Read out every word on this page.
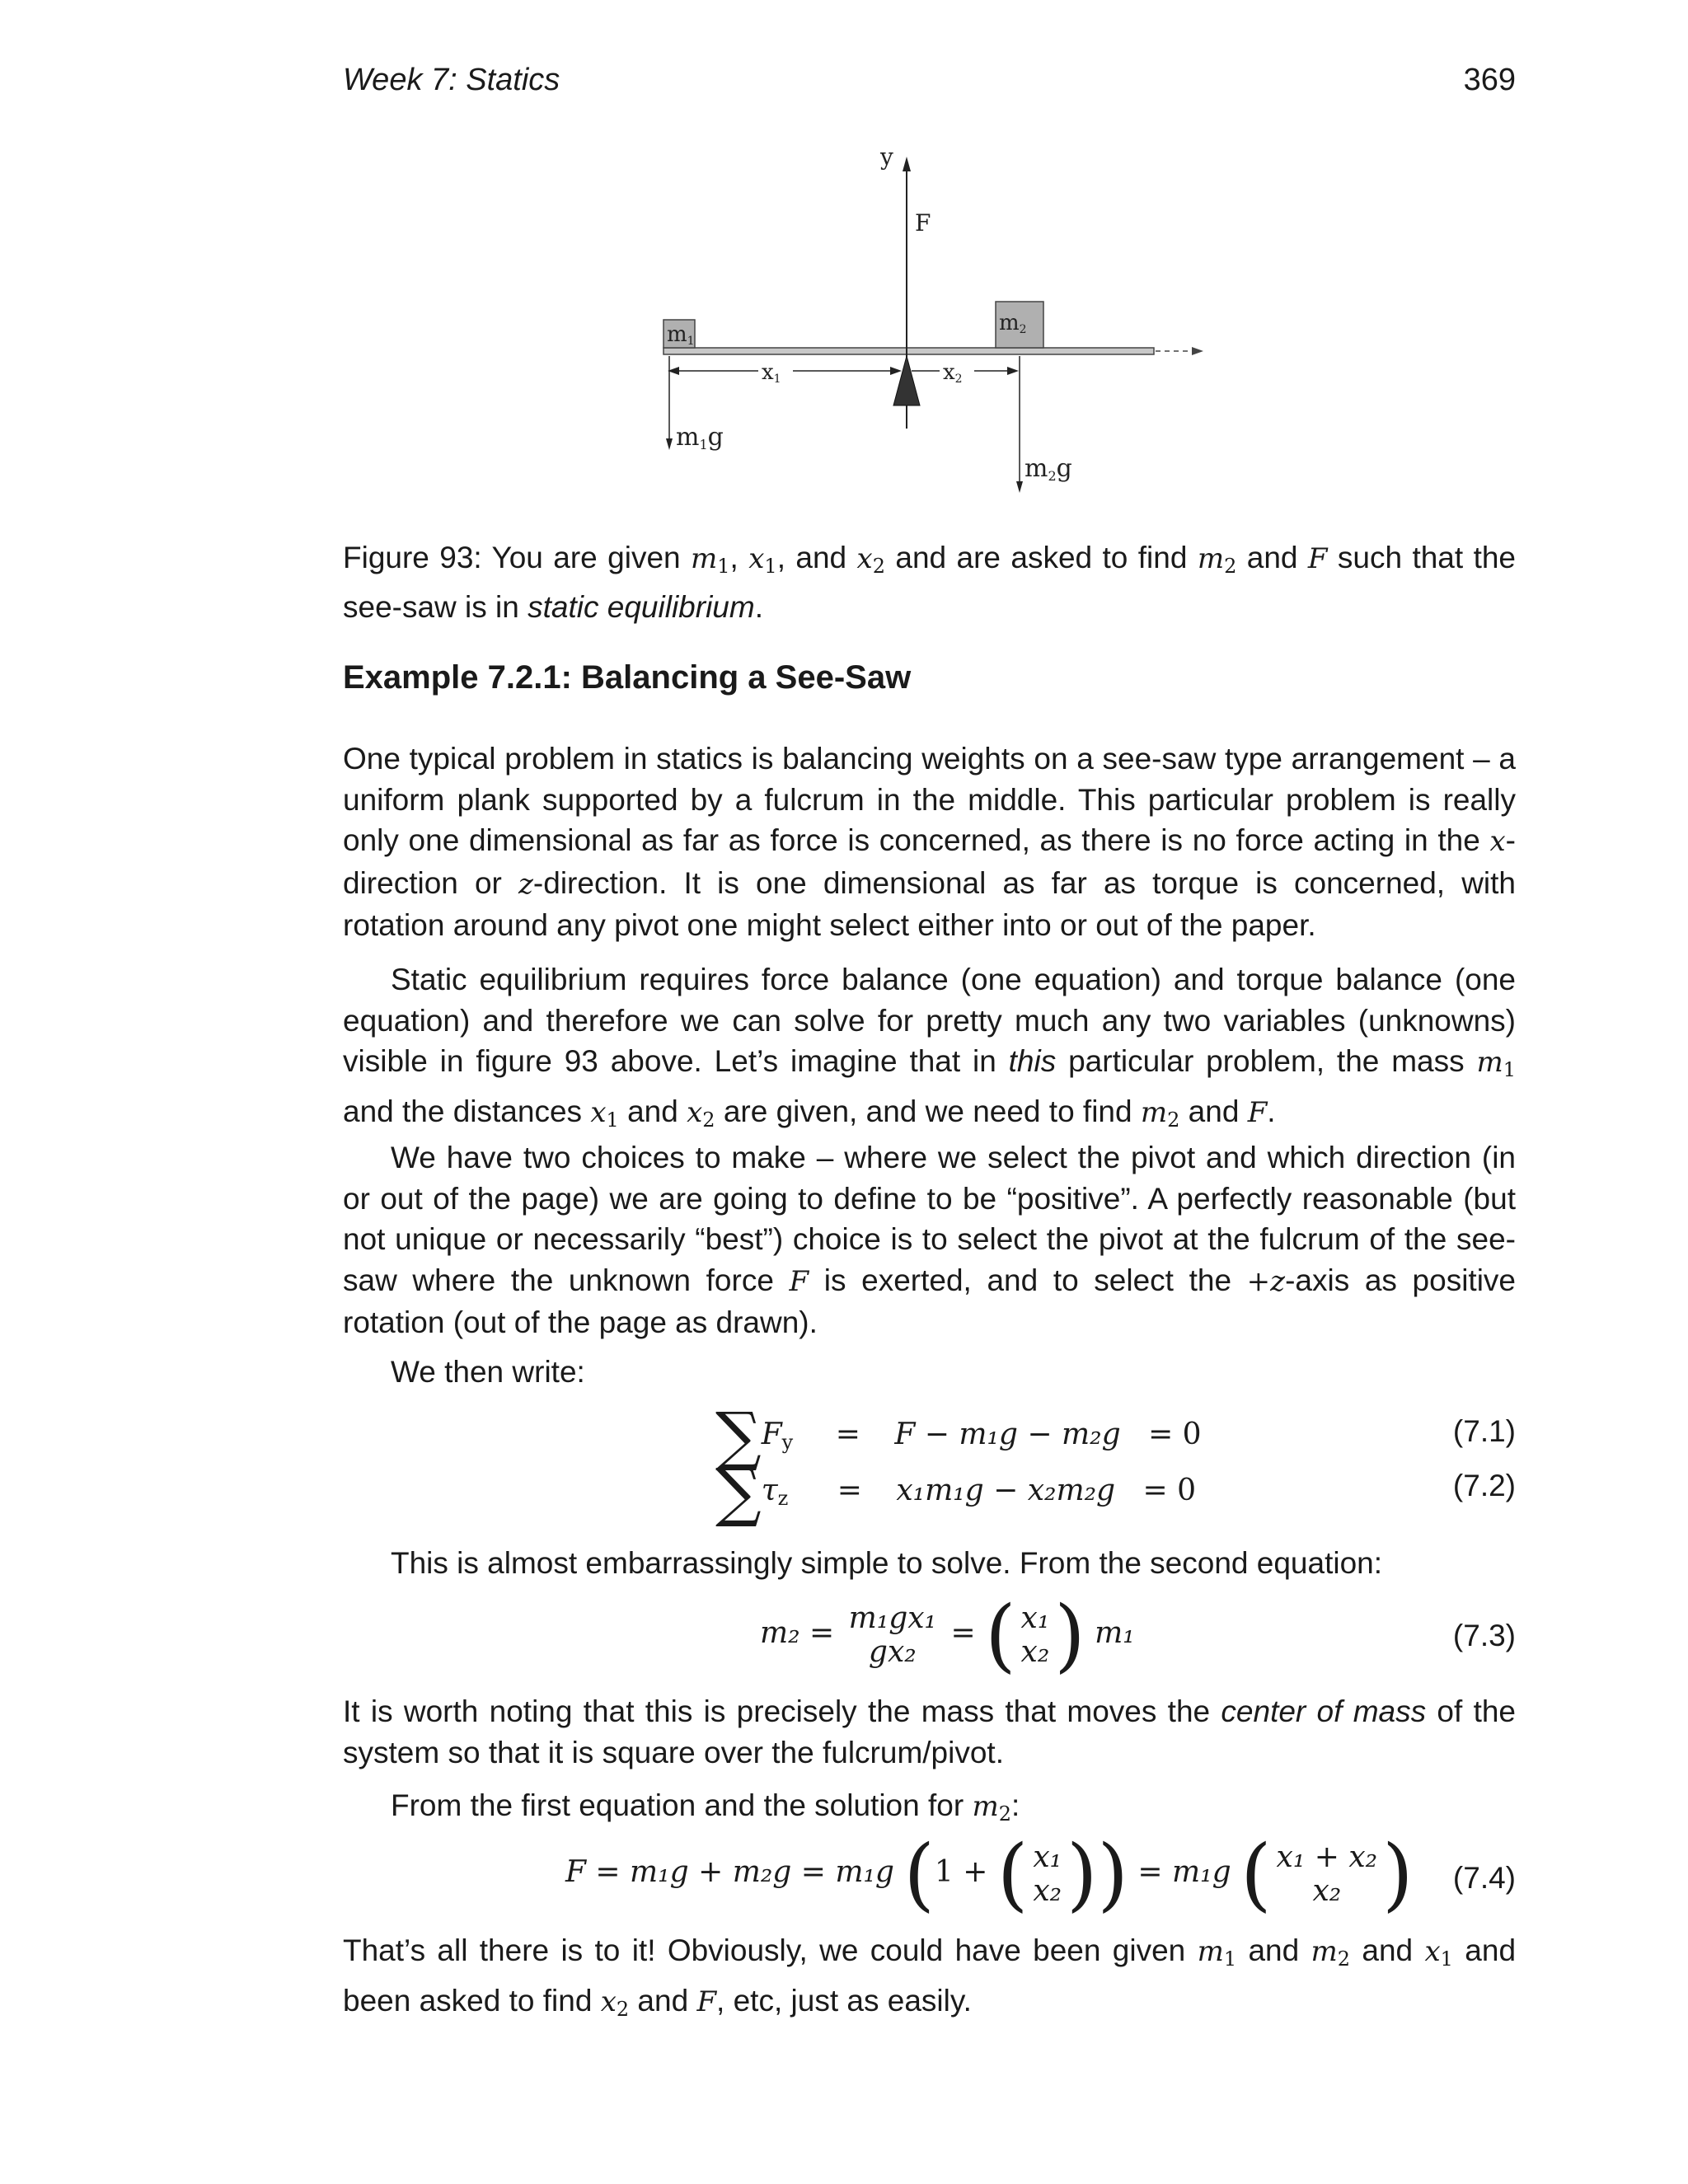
Week 7: Statics	369
m1
m2
y
F
x1	x2
m1g
m2g

Figure 93: You are given $m_1$, $x_1$, and $x_2$ and are asked to find $m_2$ and F such that the see-saw is in static equilibrium.

Example 7.2.1: Balancing a See-Saw

One typical problem in statics is balancing weights on a see-saw type arrangement – a uniform plank supported by a fulcrum in the middle. This particular problem is really only one dimensional as far as force is concerned, as there is no force acting in the x-direction or z-direction. It is one dimensional as far as torque is concerned, with rotation around any pivot one might select either into or out of the paper.

Static equilibrium requires force balance (one equation) and torque balance (one equation) and therefore we can solve for pretty much any two variables (unknowns) visible in figure 93 above. Let’s imagine that in this particular problem, the mass $m_1$ and the distances $x_1$ and $x_2$ are given, and we need to find $m_2$ and F.

We have two choices to make – where we select the pivot and which direction (in or out of the page) we are going to define to be “positive”. A perfectly reasonable (but not unique or necessarily “best”) choice is to select the pivot at the fulcrum of the see-saw where the unknown force F is exerted, and to select the +z-axis as positive rotation (out of the page as drawn).

We then write:

$\sum F_y = F - m_1g - m_2g = 0$	(7.1)
$\sum\tau_z = x_1m_1g - x_2m_2g = 0$	(7.2)

This is almost embarrassingly simple to solve. From the second equation:

m₂ = m₁gx₁
gx₂
= ( x₁
x₂ ) m₁	(7.3)

It is worth noting that this is precisely the mass that moves the center of mass of the system so that it is square over the fulcrum/pivot.

From the first equation and the solution for $m_2$:

F = m₁g + m₂g = m₁g (1 + ( x₁
x₂ )) = m₁g ( x₁ + x₂
x₂ ) (7.4)

That’s all there is to it! Obviously, we could have been given $m_1$ and $m_2$ and $x_1$ and been asked to find $x_2$ and F, etc, just as easily.
